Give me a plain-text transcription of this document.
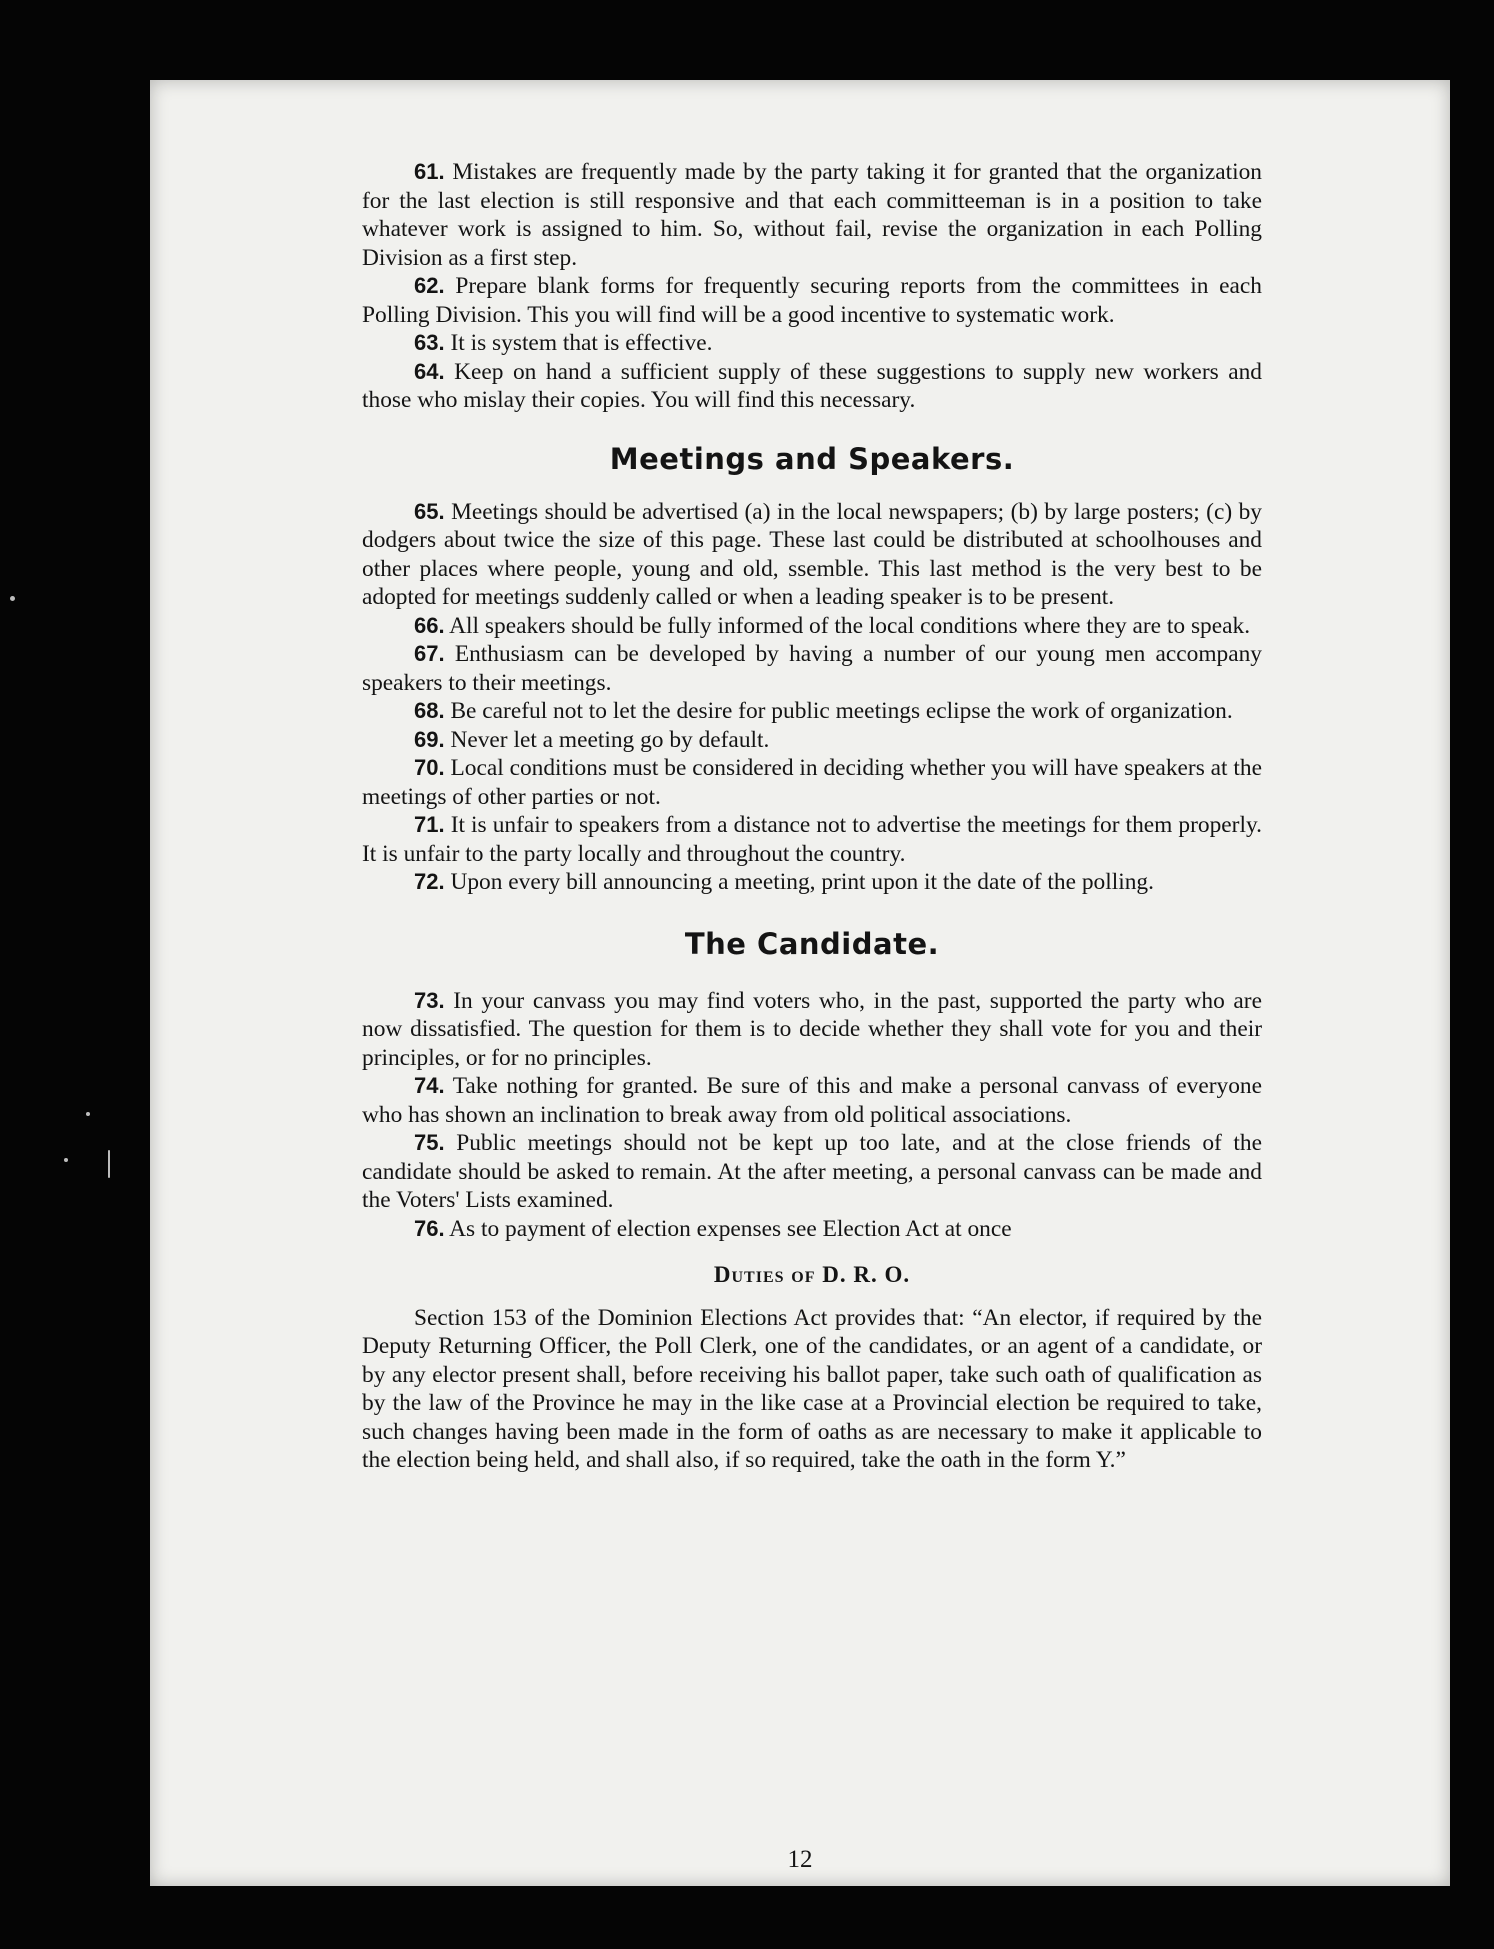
61. Mistakes are frequently made by the party taking it for granted that the organization for the last election is still responsive and that each committeeman is in a position to take whatever work is assigned to him. So, without fail, revise the organization in each Polling Division as a first step.

62. Prepare blank forms for frequently securing reports from the committees in each Polling Division. This you will find will be a good incentive to systematic work.

63. It is system that is effective.

64. Keep on hand a sufficient supply of these suggestions to supply new workers and those who mislay their copies. You will find this necessary.

Meetings and Speakers.

65. Meetings should be advertised (a) in the local newspapers; (b) by large posters; (c) by dodgers about twice the size of this page. These last could be distributed at schoolhouses and other places where people, young and old, ssemble. This last method is the very best to be adopted for meetings suddenly called or when a leading speaker is to be present.

66. All speakers should be fully informed of the local conditions where they are to speak.

67. Enthusiasm can be developed by having a number of our young men accompany speakers to their meetings.

68. Be careful not to let the desire for public meetings eclipse the work of organization.

69. Never let a meeting go by default.

70. Local conditions must be considered in deciding whether you will have speakers at the meetings of other parties or not.

71. It is unfair to speakers from a distance not to advertise the meetings for them properly. It is unfair to the party locally and throughout the country.

72. Upon every bill announcing a meeting, print upon it the date of the polling.

The Candidate.

73. In your canvass you may find voters who, in the past, supported the party who are now dissatisfied. The question for them is to decide whether they shall vote for you and their principles, or for no principles.

74. Take nothing for granted. Be sure of this and make a personal canvass of everyone who has shown an inclination to break away from old political associations.

75. Public meetings should not be kept up too late, and at the close friends of the candidate should be asked to remain. At the after meeting, a personal canvass can be made and the Voters' Lists examined.

76. As to payment of election expenses see Election Act at once

Duties of D. R. O.

Section 153 of the Dominion Elections Act provides that: “An elector, if required by the Deputy Returning Officer, the Poll Clerk, one of the candidates, or an agent of a candidate, or by any elector present shall, before receiving his ballot paper, take such oath of qualification as by the law of the Province he may in the like case at a Provincial election be required to take, such changes having been made in the form of oaths as are necessary to make it applicable to the election being held, and shall also, if so required, take the oath in the form Y.”

12
